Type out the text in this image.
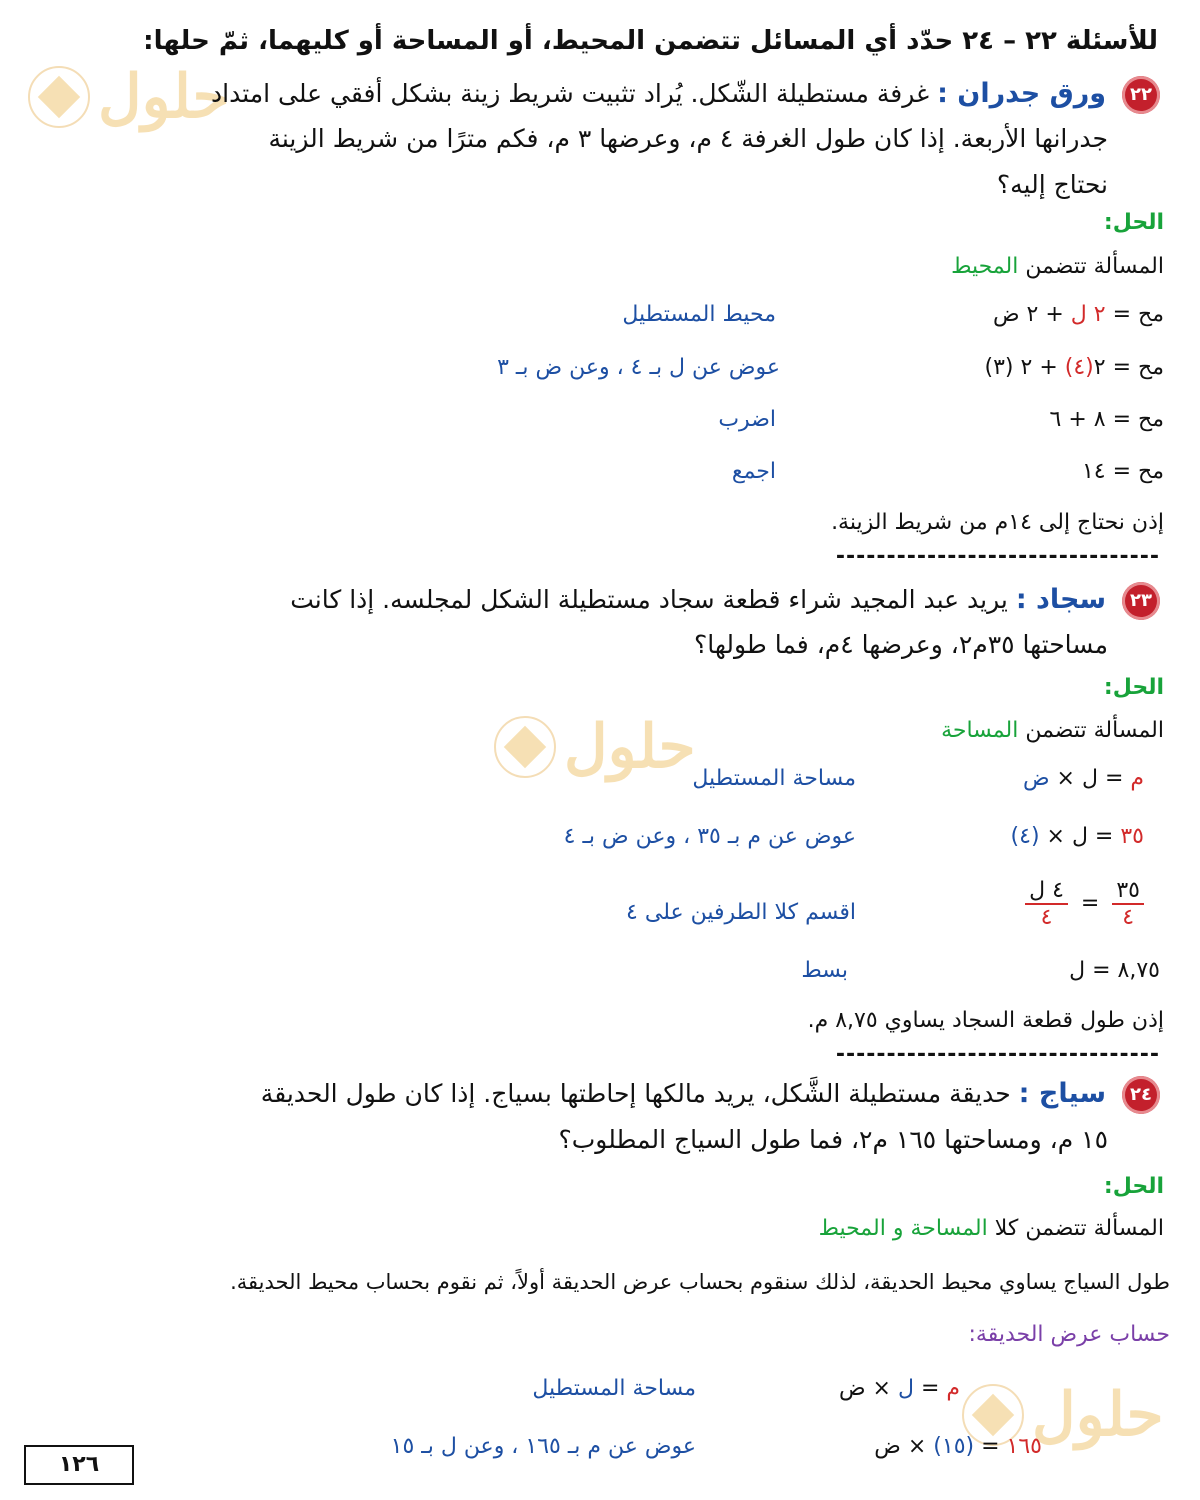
حلول
حلول
حلول
للأسئلة ٢٢ – ٢٤ حدّد أي المسائل تتضمن المحيط، أو المساحة أو كليهما، ثمّ حلها:
٢٢ ورق جدران : غرفة مستطيلة الشّكل. يُراد تثبيت شريط زينة بشكل أفقي على امتداد
جدرانها الأربعة. إذا كان طول الغرفة ٤ م، وعرضها ٣ م، فكم مترًا من شريط الزينة
نحتاج إليه؟
الحل:
المسألة تتضمن المحيط
مح = ٢ ل + ٢ ض
محيط المستطيل
مح = ٢(٤) + ٢ (٣)
عوض عن ل بـ ٤ ، وعن ض بـ ٣
مح = ٨ + ٦
اضرب
مح = ١٤
اجمع
إذن نحتاج إلى ١٤م من شريط الزينة.
--------------------------------
٢٣ سجاد : يريد عبد المجيد شراء قطعة سجاد مستطيلة الشكل لمجلسه. إذا كانت
مساحتها ٣٥م٢، وعرضها ٤م، فما طولها؟
الحل:
المسألة تتضمن المساحة
م = ل × ض
مساحة المستطيل
٣٥ = ل × (٤)
عوض عن م بـ ٣٥ ، وعن ض بـ ٤
$\frac{٣٥}{٤}$
=
$\frac{\text{٤ ل}}{٤}$
اقسم كلا الطرفين على ٤
٨,٧٥ = ل
بسط
إذن طول قطعة السجاد يساوي ٨,٧٥ م.
--------------------------------
٢٤ سياج : حديقة مستطيلة الشَّكل، يريد مالكها إحاطتها بسياج. إذا كان طول الحديقة
١٥ م، ومساحتها ١٦٥ م٢، فما طول السياج المطلوب؟
الحل:
المسألة تتضمن كلا المساحة و المحيط
طول السياج يساوي محيط الحديقة، لذلك سنقوم بحساب عرض الحديقة أولاً، ثم نقوم بحساب محيط الحديقة.
حساب عرض الحديقة:
م = ل × ض
مساحة المستطيل
١٦٥ = (١٥) × ض
عوض عن م بـ ١٦٥ ، وعن ل بـ ١٥
١٢٦
